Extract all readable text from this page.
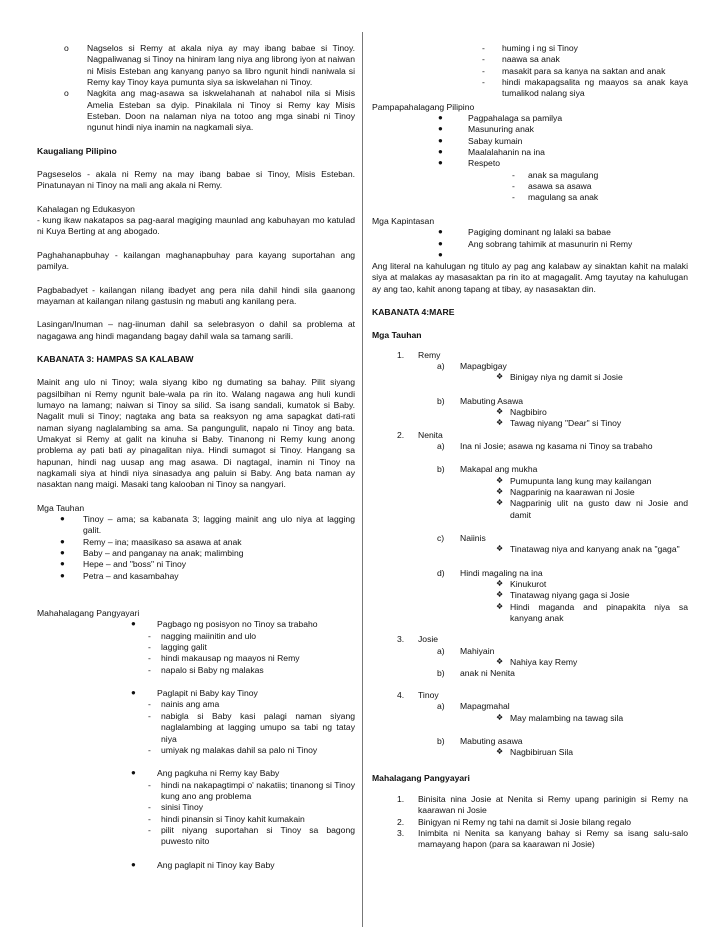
o Nagselos si Remy at akala niya ay may ibang babae si Tinoy. Nagpaliwanag si Tinoy na hiniram lang niya ang librong iyon at naiwan ni Misis Esteban ang kanyang panyo sa libro ngunit hindi naniwala si Remy kay Tinoy kaya pumunta siya sa iskwelahan ni Tinoy.

o Nagkita ang mag-asawa sa iskwelahanah at nahabol nila si Misis Amelia Esteban sa dyip. Pinakilala ni Tinoy si Remy kay Misis Esteban. Doon na nalaman niya na totoo ang mga sinabi ni Tinoy ngunut hindi niya inamin na nagkamali siya.

Kaugaliang Pilipino

Pagseselos - akala ni Remy na may ibang babae si Tinoy, Misis Esteban. Pinatunayan ni Tinoy na mali ang akala ni Remy.

Kahalagan ng Edukasyon

- kung ikaw nakatapos sa pag-aaral magiging maunlad ang kabuhayan mo katulad ni Kuya Berting at ang abogado.

Paghahanapbuhay - kailangan maghanapbuhay para kayang suportahan ang pamilya.

Pagbabadyet - kailangan nilang ibadyet ang pera nila dahil hindi sila gaanong mayaman at kailangan nilang gastusin ng mabuti ang kanilang pera.

Lasingan/Inuman – nag-iinuman dahil sa selebrasyon o dahil sa problema at nagagawa ang hindi magandang bagay dahil wala sa tamang sarili.

KABANATA 3: HAMPAS SA KALABAW

Mainit ang ulo ni Tinoy; wala siyang kibo ng dumating sa bahay. Pilit siyang pagsilbihan ni Remy ngunit bale-wala pa rin ito. Walang nagawa ang huli kundi lumayo na lamang; naiwan si Tinoy sa silid. Sa isang sandali, kumatok si Baby. Nagalit muli si Tinoy; nagtaka ang bata sa reaksyon ng ama sapagkat dati-rati naman siyang naglalambing sa ama. Sa pangungulit, napalo ni Tinoy ang bata. Umakyat si Remy at galit na kinuha si Baby. Tinanong ni Remy kung anong problema ay pati bati ay pinagalitan niya. Hindi sumagot si Tinoy. Hangang sa hapunan, hindi nag uusap ang mag asawa. Di nagtagal, inamin ni Tinoy na nagkamali siya at hindi niya sinasadya ang paluin si Baby. Ang bata naman ay nasaktan nang maigi. Masaki tang kalooban ni Tinoy sa nangyari.

Mga Tauhan

● Tinoy – ama; sa kabanata 3; lagging mainit ang ulo niya at lagging galit.

● Remy – ina; maasikaso sa asawa at anak

● Baby – and panganay na anak; malimbing

● Hepe – and "boss" ni Tinoy

● Petra – and kasambahay

Mahahalagang Pangyayari

● Pagbago ng posisyon no Tinoy sa trabaho

-

nagging maiinitin and ulo

-

lagging galit

-

hindi makausap ng maayos ni Remy

-

napalo si Baby ng malakas

● Paglapit ni Baby kay Tinoy

-

nainis ang ama

-

nabigla si Baby kasi palagi naman siyang naglalambing at lagging umupo sa tabi ng tatay niya

-

umiyak ng malakas dahil sa palo ni Tinoy

● Ang pagkuha ni Remy kay Baby

-

hindi na nakapagtimpi o' nakatiis; tinanong si Tinoy kung ano ang problema

-

sinisi Tinoy

-

hindi pinansin si Tinoy kahit kumakain

-

pilit niyang suportahan si Tinoy sa bagong puwesto nito

● Ang paglapit ni Tinoy kay Baby

-

huming i ng si Tinoy

-

naawa sa anak

-

masakit para sa kanya na saktan and anak

-

hindi makapagsalita ng maayos sa anak kaya tumalikod nalang siya

Pampapahalagang Pilipino

●	Pagpahalaga sa pamilya

●	Masunuring anak

●	Sabay kumain

●	Maalalahanin na ina

●	Respeto

-

anak sa magulang

-

asawa sa asawa

-

magulang sa anak

Mga Kapintasan

●	Pagiging dominant ng lalaki sa babae

●	Ang sobrang tahimik at masunurin ni Remy

●

Ang literal na kahulugan ng titulo ay pag ang kalabaw ay sinaktan kahit na malaki siya at malakas ay masasaktan pa rin ito at magagalit. Amg tayutay na kahulugan ay ang tao, kahit anong tapang at tibay, ay nasasaktan din.

KABANATA 4:MARE

Mga Tauhan

1. Remy

a) Mapagbigay

❖ Binigay niya ng damit si Josie

b) Mabuting Asawa

❖ Nagbibiro

❖ Tawag niyang "Dear" si Tinoy

2. Nenita

a) Ina ni Josie; asawa ng kasama ni Tinoy sa trabaho

b) Makapal ang mukha

❖ Pumupunta lang kung may kailangan

❖ Nagparinig na kaarawan ni Josie

❖ Nagparinig ulit na gusto daw ni Josie and damit

c) Naiinis

❖ Tinatawag niya and kanyang anak na "gaga"

d) Hindi magaling na ina

❖ Kinukurot

❖ Tinatawag niyang gaga si Josie

❖ Hindi maganda and pinapakita niya sa kanyang anak

3. Josie

a) Mahiyain

❖ Nahiya kay Remy

b) anak ni Nenita

4. Tinoy

a) Mapagmahal

❖ May malambing na tawag sila

b) Mabuting asawa

❖ Nagbibiruan Sila

Mahalagang Pangyayari

1. Binisita nina Josie at Nenita si Remy upang parinigin si Remy na kaarawan ni Josie

2. Binigyan ni Remy ng tahi na damit si Josie bilang regalo

3. Inimbita ni Nenita sa kanyang bahay si Remy sa isang salu-salo mamayang hapon (para sa kaarawan ni Josie)
